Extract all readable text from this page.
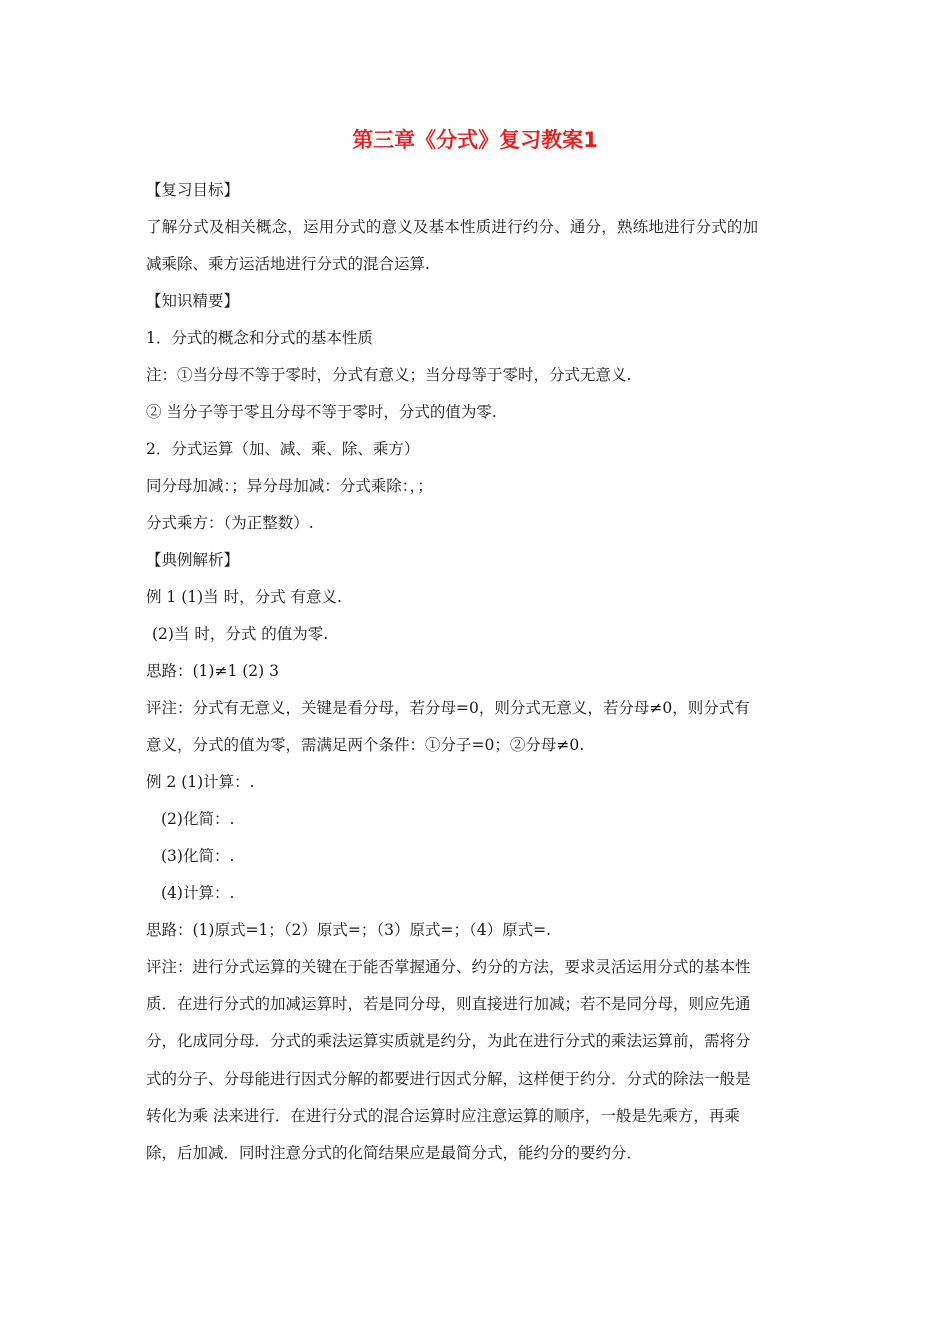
第三章《分式》复习教案1
【复习目标】
了解分式及相关概念，运用分式的意义及基本性质进行约分、通分，熟练地进行分式的加
减乘除、乘方运活地进行分式的混合运算.
【知识精要】
1．分式的概念和分式的基本性质
注：①当分母不等于零时，分式有意义；当分母等于零时，分式无意义.
② 当分子等于零且分母不等于零时，分式的值为零.
2．分式运算（加、减、乘、除、乘方）
同分母加减：；异分母加减：分式乘除：，；
分式乘方：（为正整数）.
【典例解析】
例 1 (1)当 时，分式 有意义.
(2)当 时，分式 的值为零.
思路：(1)≠1 (2) 3
评注：分式有无意义，关键是看分母，若分母=0，则分式无意义，若分母≠0，则分式有
意义，分式的值为零，需满足两个条件：①分子=0；②分母≠0.
例 2 (1)计算：.
(2)化简：.
(3)化简：.
(4)计算：.
思路：(1)原式=1；（2）原式=；（3）原式=；（4）原式=.
评注：进行分式运算的关键在于能否掌握通分、约分的方法，要求灵活运用分式的基本性
质．在进行分式的加减运算时，若是同分母，则直接进行加减；若不是同分母，则应先通
分，化成同分母．分式的乘法运算实质就是约分，为此在进行分式的乘法运算前，需将分
式的分子、分母能进行因式分解的都要进行因式分解，这样便于约分．分式的除法一般是
转化为乘 法来进行．在进行分式的混合运算时应注意运算的顺序，一般是先乘方，再乘
除，后加减．同时注意分式的化简结果应是最简分式，能约分的要约分．
